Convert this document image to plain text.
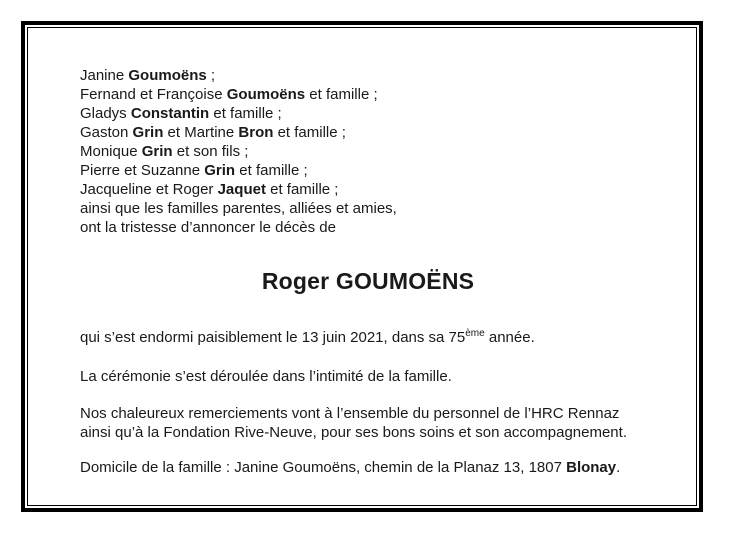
Janine Goumoëns ;
Fernand et Françoise Goumoëns et famille ;
Gladys Constantin et famille ;
Gaston Grin et Martine Bron et famille ;
Monique Grin et son fils ;
Pierre et Suzanne Grin et famille ;
Jacqueline et Roger Jaquet et famille ;
ainsi que les familles parentes, alliées et amies,
ont la tristesse d’annoncer le décès de
Roger GOUMOËNS

qui s’est endormi paisiblement le 13 juin 2021, dans sa 75ème année.

La cérémonie s’est déroulée dans l’intimité de la famille.

Nos chaleureux remerciements vont à l’ensemble du personnel de l’HRC Rennaz
ainsi qu’à la Fondation Rive-Neuve, pour ses bons soins et son accompagnement.

Domicile de la famille : Janine Goumoëns, chemin de la Planaz 13, 1807 Blonay.
